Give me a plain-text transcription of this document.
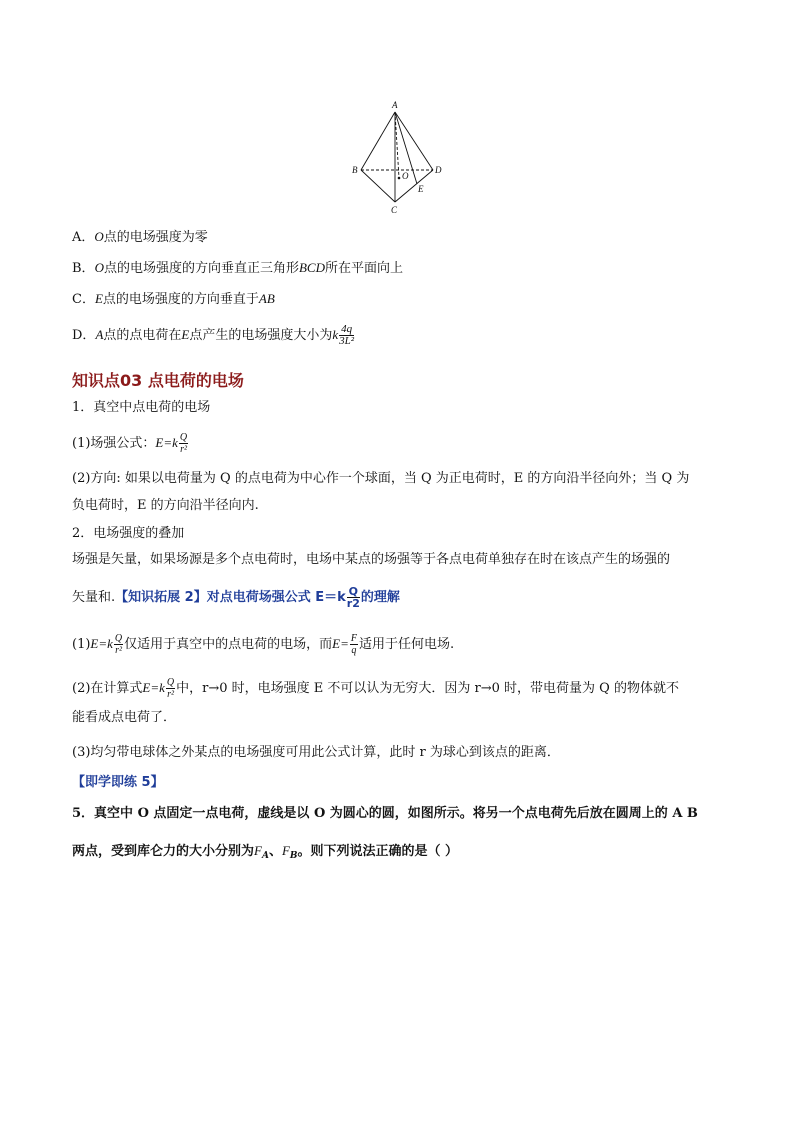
A
B
C
D
O
E
A．O点的电场强度为零
B．O点的电场强度的方向垂直正三角形BCD所在平面向上
C．E点的电场强度的方向垂直于AB
D．A点的点电荷在E点产生的电场强度大小为k $\frac{4q}{\text{3L²}}$
知识点03 点电荷的电场
1．真空中点电荷的电场
(1)场强公式：$E=k \frac{Q}{\text{r²}}$
(2)方向: 如果以电荷量为 Q 的点电荷为中心作一个球面，当 Q 为正电荷时，E 的方向沿半径向外；当 Q 为
负电荷时，E 的方向沿半径向内.
2．电场强度的叠加
场强是矢量，如果场源是多个点电荷时，电场中某点的场强等于各点电荷单独存在时在该点产生的场强的
矢量和.【知识拓展 2】对点电荷场强公式 $E=k \frac{Q}{r2}$ 的理解
$(1)E=k \frac{Q}{\text{r²}}$ 仅适用于真空中的点电荷的电场，而$E= \frac{F}{q}$ 适用于任何电场.
(2)在计算式$E=k \frac{Q}{\text{r²}}$ 中，r→0 时，电场强度 E 不可以认为无穷大．因为 r→0 时，带电荷量为 Q 的物体就不
能看成点电荷了．
(3)均匀带电球体之外某点的电场强度可用此公式计算，此时 r 为球心到该点的距离．
【即学即练 5】
5．真空中 O 点固定一点电荷，虚线是以 O 为圆心的圆，如图所示。将另一个点电荷先后放在圆周上的 A B
两点，受到库仑力的大小分别为$F_A$、$F_B$。则下列说法正确的是（ ）
